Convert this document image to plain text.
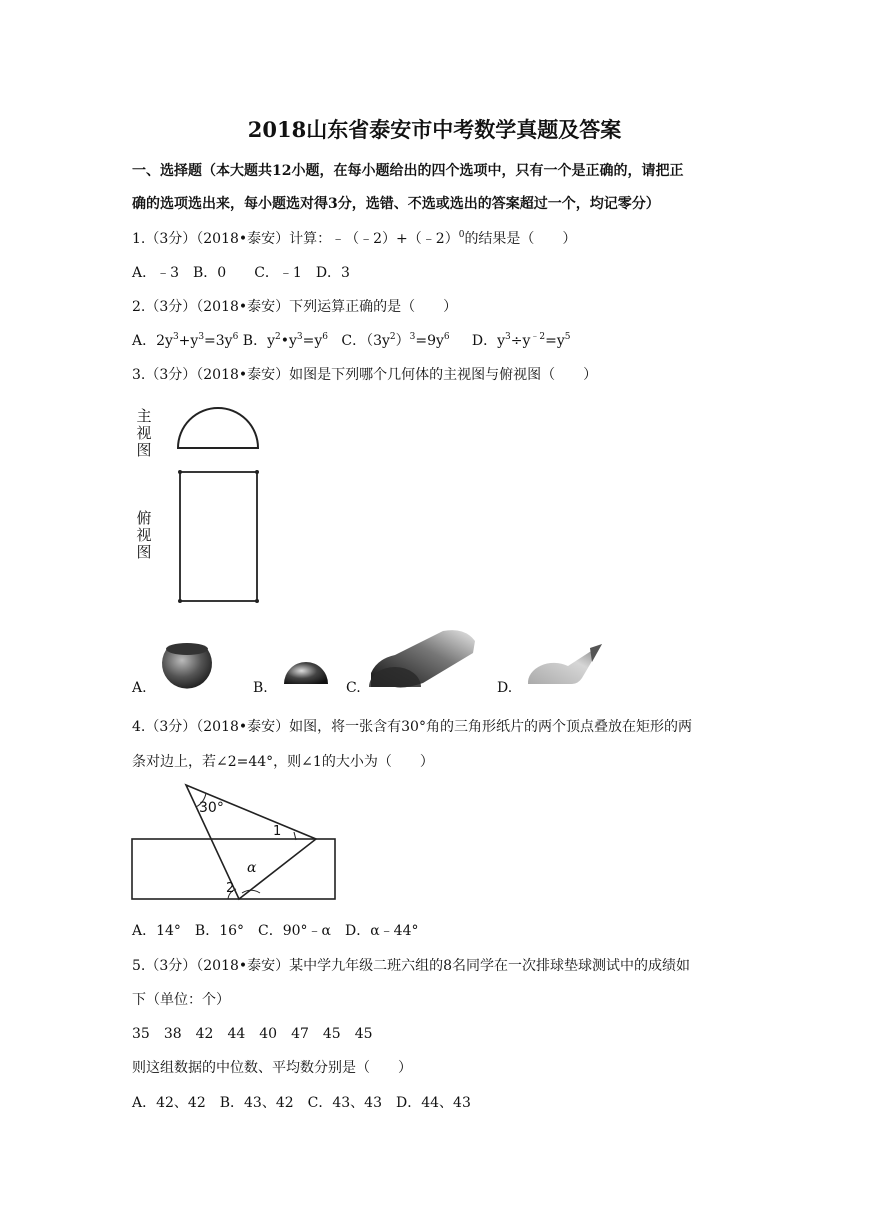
2018山东省泰安市中考数学真题及答案
一、选择题（本大题共12小题，在每小题给出的四个选项中，只有一个是正确的，请把正
确的选项选出来，每小题选对得3分，选错、不选或选出的答案超过一个，均记零分）
1.（3分）（2018•泰安）计算：﹣（﹣2）+（﹣2）$^0$的结果是（　　）
A．﹣3　B．0　　C．﹣1　D．3
2.（3分）（2018•泰安）下列运算正确的是（　　）
A．$2y^3+y^3=3y^6$ B．$y^2•y^3=y^6$ C．$(3y^2)^3=9y^6$ D．$y^3\div y^{﹣2}=y^5$
3.（3分）（2018•泰安）如图是下列哪个几何体的主视图与俯视图（　　）
主视图
俯视图
A.	B.	C.	D.
4.（3分）（2018•泰安）如图，将一张含有30°角的三角形纸片的两个顶点叠放在矩形的两
条对边上，若∠2=44°，则∠1的大小为（　　）
30°
1
α
2
A．14°　B．16°　C．90°﹣α　D．α﹣44°
5.（3分）（2018•泰安）某中学九年级二班六组的8名同学在一次排球垫球测试中的成绩如
下（单位：个）
35　38　42　44　40　47　45　45
则这组数据的中位数、平均数分别是（　　）
A．42、42　B．43、42　C．43、43　D．44、43
